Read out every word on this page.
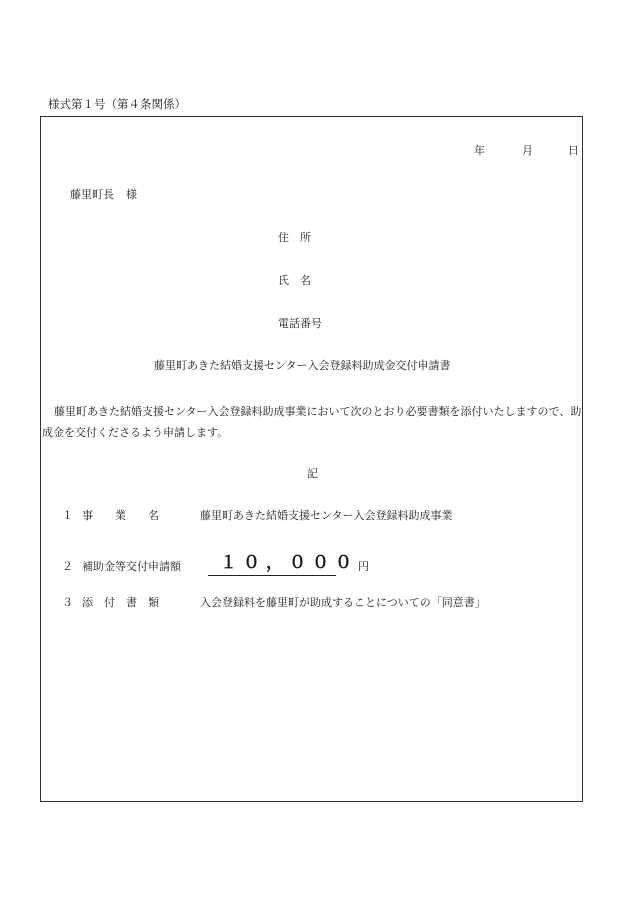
様式第１号（第４条関係）
年	月	日
藤里町長 様
住　所
氏　名
電話番号
藤里町あきた結婚支援センター入会登録料助成金交付申請書

藤里町あきた結婚支援センター入会登録料助成事業において次のとおり必要書類を添付いたしますので、助成金を交付くださるよう申請します。

記
１ 事　　業　　名	藤里町あきた結婚支援センター入会登録料助成事業
２ 補助金等交付申請額 １０，０００円
３ 添　付　書　類	入会登録料を藤里町が助成することについての「同意書」
